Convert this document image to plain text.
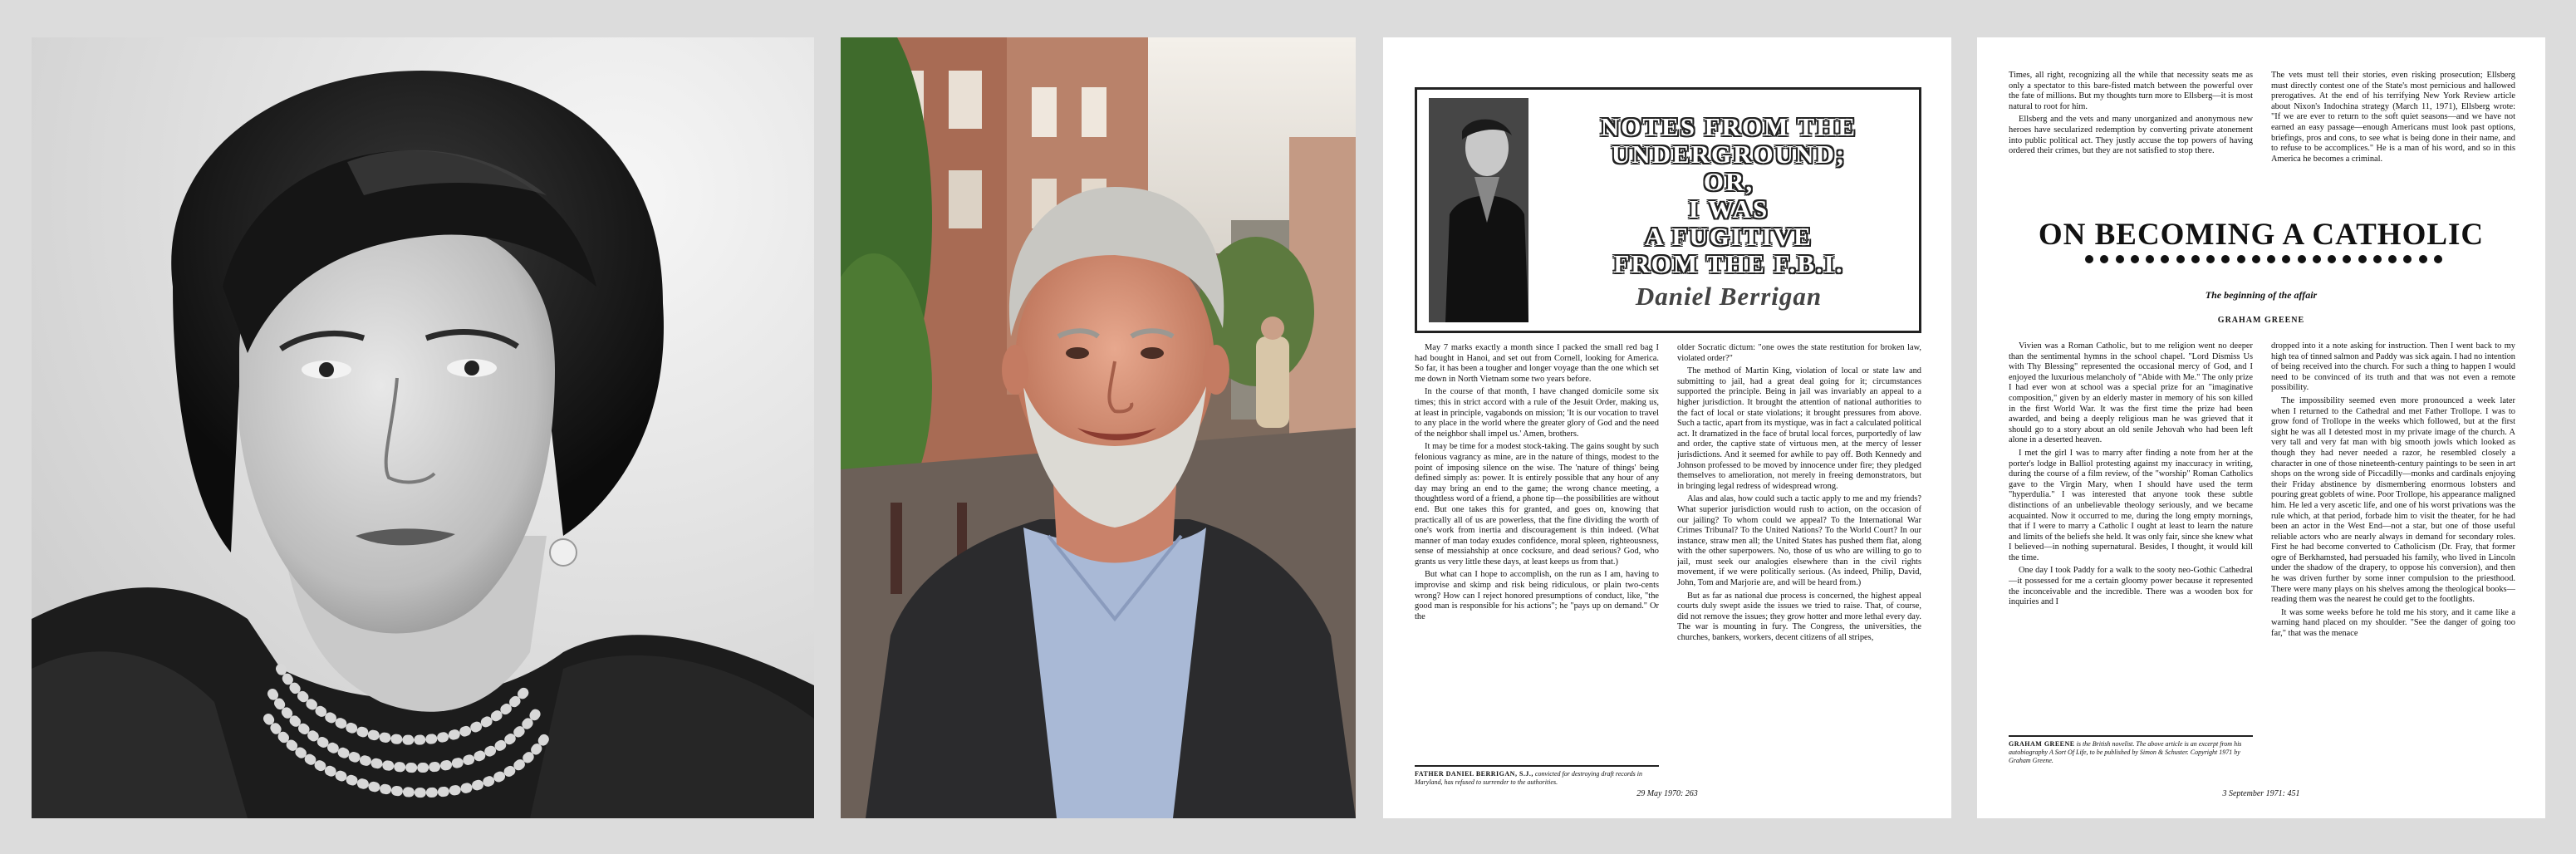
NOTES FROM THE
UNDERGROUND;
OR,
I WAS
A FUGITIVE
FROM THE F.B.I.
Daniel Berrigan

May 7 marks exactly a month since I packed the small red bag I had bought in Hanoi, and set out from Cornell, looking for America. So far, it has been a tougher and longer voyage than the one which set me down in North Vietnam some two years before.

In the course of that month, I have changed domicile some six times; this in strict accord with a rule of the Jesuit Order, making us, at least in principle, vagabonds on mission; 'It is our vocation to travel to any place in the world where the greater glory of God and the need of the neighbor shall impel us.' Amen, brothers.

It may be time for a modest stock-taking. The gains sought by such felonious vagrancy as mine, are in the nature of things, modest to the point of imposing silence on the wise. The 'nature of things' being defined simply as: power. It is entirely possible that any hour of any day may bring an end to the game; the wrong chance meeting, a thoughtless word of a friend, a phone tip—the possibilities are without end. But one takes this for granted, and goes on, knowing that practically all of us are powerless, that the fine dividing the worth of one's work from inertia and discouragement is thin indeed. (What manner of man today exudes confidence, moral spleen, righteousness, sense of messiahship at once cocksure, and dead serious? God, who grants us very little these days, at least keeps us from that.)

But what can I hope to accomplish, on the run as I am, having to improvise and skimp and risk being ridiculous, or plain two-cents wrong? How can I reject honored presumptions of conduct, like, "the good man is responsible for his actions"; he "pays up on demand." Or the

older Socratic dictum: "one owes the state restitution for broken law, violated order?"

The method of Martin King, violation of local or state law and submitting to jail, had a great deal going for it; circumstances supported the principle. Being in jail was invariably an appeal to a higher jurisdiction. It brought the attention of national authorities to the fact of local or state violations; it brought pressures from above. Such a tactic, apart from its mystique, was in fact a calculated political act. It dramatized in the face of brutal local forces, purportedly of law and order, the captive state of virtuous men, at the mercy of lesser jurisdictions. And it seemed for awhile to pay off. Both Kennedy and Johnson professed to be moved by innocence under fire; they pledged themselves to amelioration, not merely in freeing demonstrators, but in bringing legal redress of widespread wrong.

Alas and alas, how could such a tactic apply to me and my friends? What superior jurisdiction would rush to action, on the occasion of our jailing? To whom could we appeal? To the International War Crimes Tribunal? To the United Nations? To the World Court? In our instance, straw men all; the United States has pushed them flat, along with the other superpowers. No, those of us who are willing to go to jail, must seek our analogies elsewhere than in the civil rights movement, if we were politically serious. (As indeed, Philip, David, John, Tom and Marjorie are, and will be heard from.)

But as far as national due process is concerned, the highest appeal courts duly swept aside the issues we tried to raise. That, of course, did not remove the issues; they grow hotter and more lethal every day. The war is mounting in fury. The Congress, the universities, the churches, bankers, workers, decent citizens of all stripes,

FATHER DANIEL BERRIGAN, S.J., convicted for destroying draft records in Maryland, has refused to surrender to the authorities.
29 May 1970: 263

Times, all right, recognizing all the while that necessity seats me as only a spectator to this bare-fisted match between the powerful over the fate of millions. But my thoughts turn more to Ellsberg—it is most natural to root for him.

Ellsberg and the vets and many unorganized and anonymous new heroes have secularized redemption by converting private atonement into public political act. They justly accuse the top powers of having ordered their crimes, but they are not satisfied to stop there.

The vets must tell their stories, even risking prosecution; Ellsberg must directly contest one of the State's most pernicious and hallowed prerogatives. At the end of his terrifying New York Review article about Nixon's Indochina strategy (March 11, 1971), Ellsberg wrote: "If we are ever to return to the soft quiet seasons—and we have not earned an easy passage—enough Americans must look past options, briefings, pros and cons, to see what is being done in their name, and to refuse to be accomplices." He is a man of his word, and so in this America he becomes a criminal.

ON BECOMING A CATHOLIC
The beginning of the affair
GRAHAM GREENE

Vivien was a Roman Catholic, but to me religion went no deeper than the sentimental hymns in the school chapel. "Lord Dismiss Us with Thy Blessing" represented the occasional mercy of God, and I enjoyed the luxurious melancholy of "Abide with Me." The only prize I had ever won at school was a special prize for an "imaginative composition," given by an elderly master in memory of his son killed in the first World War. It was the first time the prize had been awarded, and being a deeply religious man he was grieved that it should go to a story about an old senile Jehovah who had been left alone in a deserted heaven.

I met the girl I was to marry after finding a note from her at the porter's lodge in Balliol protesting against my inaccuracy in writing, during the course of a film review, of the "worship" Roman Catholics gave to the Virgin Mary, when I should have used the term "hyperdulia." I was interested that anyone took these subtle distinctions of an unbelievable theology seriously, and we became acquainted. Now it occurred to me, during the long empty mornings, that if I were to marry a Catholic I ought at least to learn the nature and limits of the beliefs she held. It was only fair, since she knew what I believed—in nothing supernatural. Besides, I thought, it would kill the time.

One day I took Paddy for a walk to the sooty neo-Gothic Cathedral—it possessed for me a certain gloomy power because it represented the inconceivable and the incredible. There was a wooden box for inquiries and I

dropped into it a note asking for instruction. Then I went back to my high tea of tinned salmon and Paddy was sick again. I had no intention of being received into the church. For such a thing to happen I would need to be convinced of its truth and that was not even a remote possibility.

The impossibility seemed even more pronounced a week later when I returned to the Cathedral and met Father Trollope. I was to grow fond of Trollope in the weeks which followed, but at the first sight he was all I detested most in my private image of the church. A very tall and very fat man with big smooth jowls which looked as though they had never needed a razor, he resembled closely a character in one of those nineteenth-century paintings to be seen in art shops on the wrong side of Piccadilly—monks and cardinals enjoying their Friday abstinence by dismembering enormous lobsters and pouring great goblets of wine. Poor Trollope, his appearance maligned him. He led a very ascetic life, and one of his worst privations was the rule which, at that period, forbade him to visit the theater, for he had been an actor in the West End—not a star, but one of those useful reliable actors who are nearly always in demand for secondary roles. First he had become converted to Catholicism (Dr. Fray, that former ogre of Berkhamsted, had persuaded his family, who lived in Lincoln under the shadow of the drapery, to oppose his conversion), and then he was driven further by some inner compulsion to the priesthood. There were many plays on his shelves among the theological books—reading them was the nearest he could get to the footlights.

It was some weeks before he told me his story, and it came like a warning hand placed on my shoulder. "See the danger of going too far," that was the menace

GRAHAM GREENE is the British novelist. The above article is an excerpt from his autobiography A Sort Of Life, to be published by Simon & Schuster. Copyright 1971 by Graham Greene.
3 September 1971: 451
